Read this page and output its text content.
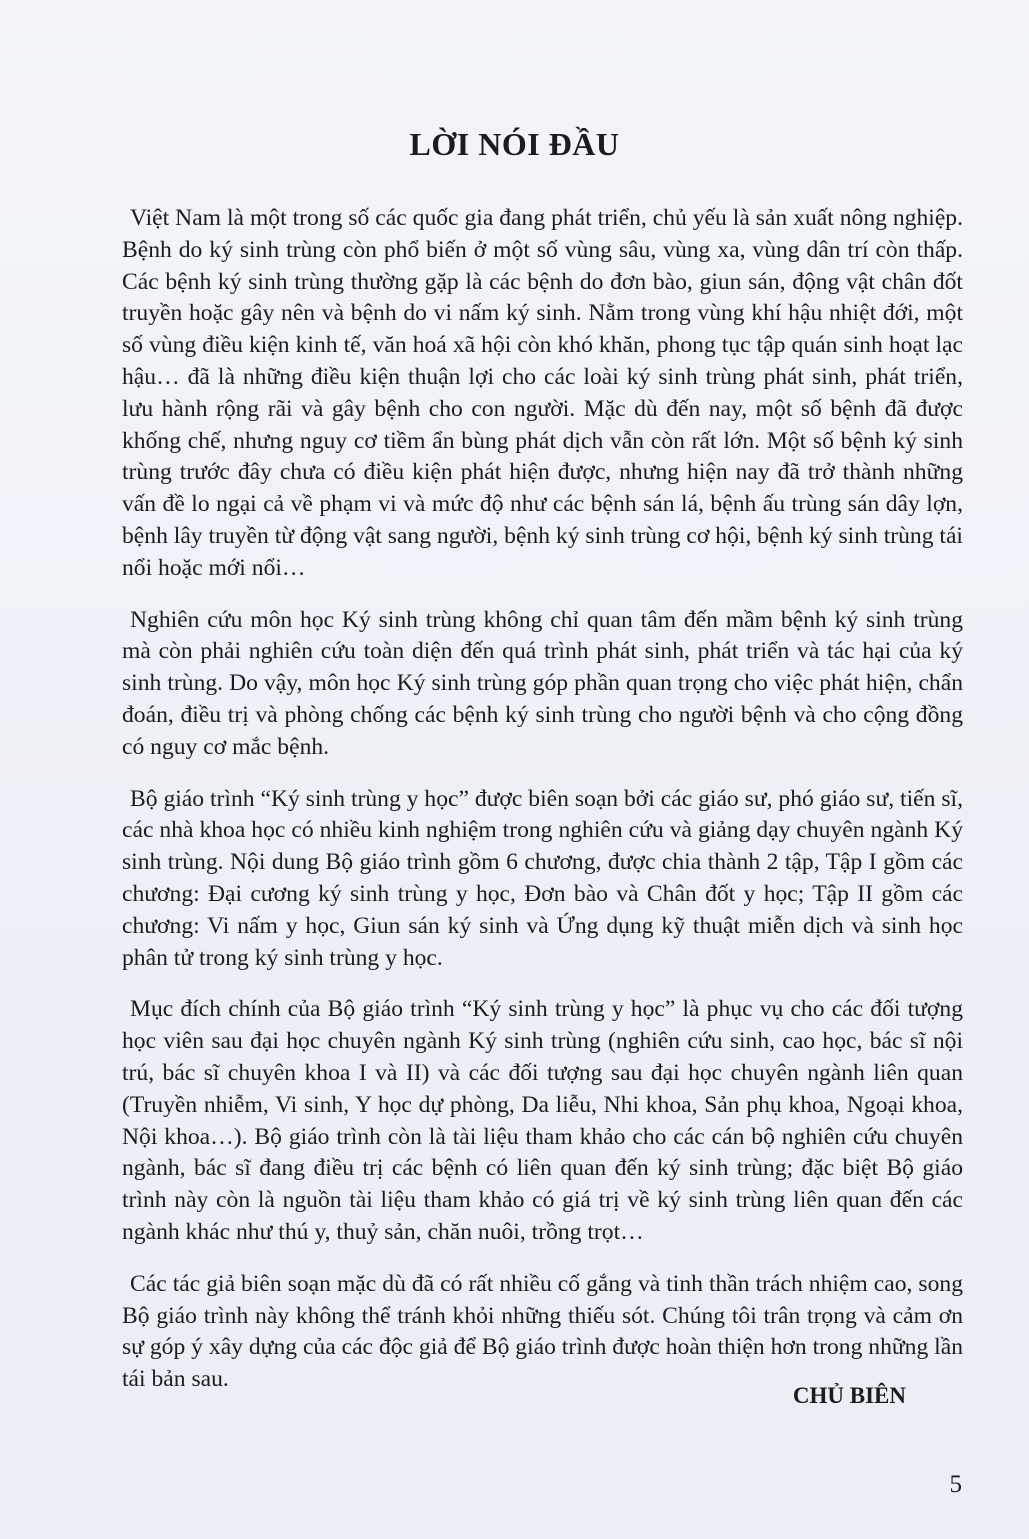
LỜI NÓI ĐẦU

Việt Nam là một trong số các quốc gia đang phát triển, chủ yếu là sản xuất nông nghiệp. Bệnh do ký sinh trùng còn phổ biến ở một số vùng sâu, vùng xa, vùng dân trí còn thấp. Các bệnh ký sinh trùng thường gặp là các bệnh do đơn bào, giun sán, động vật chân đốt truyền hoặc gây nên và bệnh do vi nấm ký sinh. Nằm trong vùng khí hậu nhiệt đới, một số vùng điều kiện kinh tế, văn hoá xã hội còn khó khăn, phong tục tập quán sinh hoạt lạc hậu… đã là những điều kiện thuận lợi cho các loài ký sinh trùng phát sinh, phát triển, lưu hành rộng rãi và gây bệnh cho con người. Mặc dù đến nay, một số bệnh đã được khống chế, nhưng nguy cơ tiềm ẩn bùng phát dịch vẫn còn rất lớn. Một số bệnh ký sinh trùng trước đây chưa có điều kiện phát hiện được, nhưng hiện nay đã trở thành những vấn đề lo ngại cả về phạm vi và mức độ như các bệnh sán lá, bệnh ấu trùng sán dây lợn, bệnh lây truyền từ động vật sang người, bệnh ký sinh trùng cơ hội, bệnh ký sinh trùng tái nổi hoặc mới nổi…

Nghiên cứu môn học Ký sinh trùng không chỉ quan tâm đến mầm bệnh ký sinh trùng mà còn phải nghiên cứu toàn diện đến quá trình phát sinh, phát triển và tác hại của ký sinh trùng. Do vậy, môn học Ký sinh trùng góp phần quan trọng cho việc phát hiện, chẩn đoán, điều trị và phòng chống các bệnh ký sinh trùng cho người bệnh và cho cộng đồng có nguy cơ mắc bệnh.

Bộ giáo trình “Ký sinh trùng y học” được biên soạn bởi các giáo sư, phó giáo sư, tiến sĩ, các nhà khoa học có nhiều kinh nghiệm trong nghiên cứu và giảng dạy chuyên ngành Ký sinh trùng. Nội dung Bộ giáo trình gồm 6 chương, được chia thành 2 tập, Tập I gồm các chương: Đại cương ký sinh trùng y học, Đơn bào và Chân đốt y học; Tập II gồm các chương: Vi nấm y học, Giun sán ký sinh và Ứng dụng kỹ thuật miễn dịch và sinh học phân tử trong ký sinh trùng y học.

Mục đích chính của Bộ giáo trình “Ký sinh trùng y học” là phục vụ cho các đối tượng học viên sau đại học chuyên ngành Ký sinh trùng (nghiên cứu sinh, cao học, bác sĩ nội trú, bác sĩ chuyên khoa I và II) và các đối tượng sau đại học chuyên ngành liên quan (Truyền nhiễm, Vi sinh, Y học dự phòng, Da liễu, Nhi khoa, Sản phụ khoa, Ngoại khoa, Nội khoa…). Bộ giáo trình còn là tài liệu tham khảo cho các cán bộ nghiên cứu chuyên ngành, bác sĩ đang điều trị các bệnh có liên quan đến ký sinh trùng; đặc biệt Bộ giáo trình này còn là nguồn tài liệu tham khảo có giá trị về ký sinh trùng liên quan đến các ngành khác như thú y, thuỷ sản, chăn nuôi, trồng trọt…

Các tác giả biên soạn mặc dù đã có rất nhiều cố gắng và tinh thần trách nhiệm cao, song Bộ giáo trình này không thể tránh khỏi những thiếu sót. Chúng tôi trân trọng và cảm ơn sự góp ý xây dựng của các độc giả để Bộ giáo trình được hoàn thiện hơn trong những lần tái bản sau.

CHỦ BIÊN

5
